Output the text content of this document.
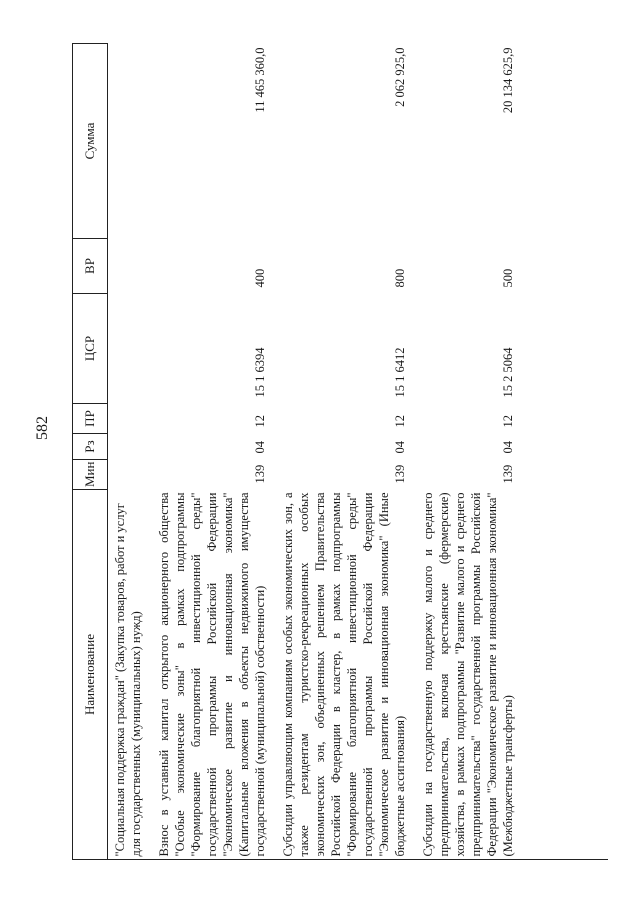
582
Наименование	Мин	Рз	ПР	ЦСР	ВР	Сумма
"Социальная поддержка граждан" (Закупка товаров, работ и услуг для государственных (муниципальных) нужд)						
Взнос в уставный капитал открытого акционерного общества "Особые экономические зоны" в рамках подпрограммы "Формирование благоприятной инвестиционной среды" государственной программы Российской Федерации "Экономическое развитие и инновационная экономика" (Капитальные вложения в объекты недвижимого имущества государственной (муниципальной) собственности)	139	04	12	15 1 6394	400	11 465 360,0
Субсидии управляющим компаниям особых экономических зон, а также резидентам туристско-рекреационных особых экономических зон, объединенных решением Правительства Российской Федерации в кластер, в рамках подпрограммы "Формирование благоприятной инвестиционной среды" государственной программы Российской Федерации "Экономическое развитие и инновационная экономика" (Иные бюджетные ассигнования)	139	04	12	15 1 6412	800	2 062 925,0
Субсидии на государственную поддержку малого и среднего предпринимательства, включая крестьянские (фермерские) хозяйства, в рамках подпрограммы "Развитие малого и среднего предпринимательства" государственной программы Российской Федерации "Экономическое развитие и инновационная экономика" (Межбюджетные трансферты)	139	04	12	15 2 5064	500	20 134 625,9
